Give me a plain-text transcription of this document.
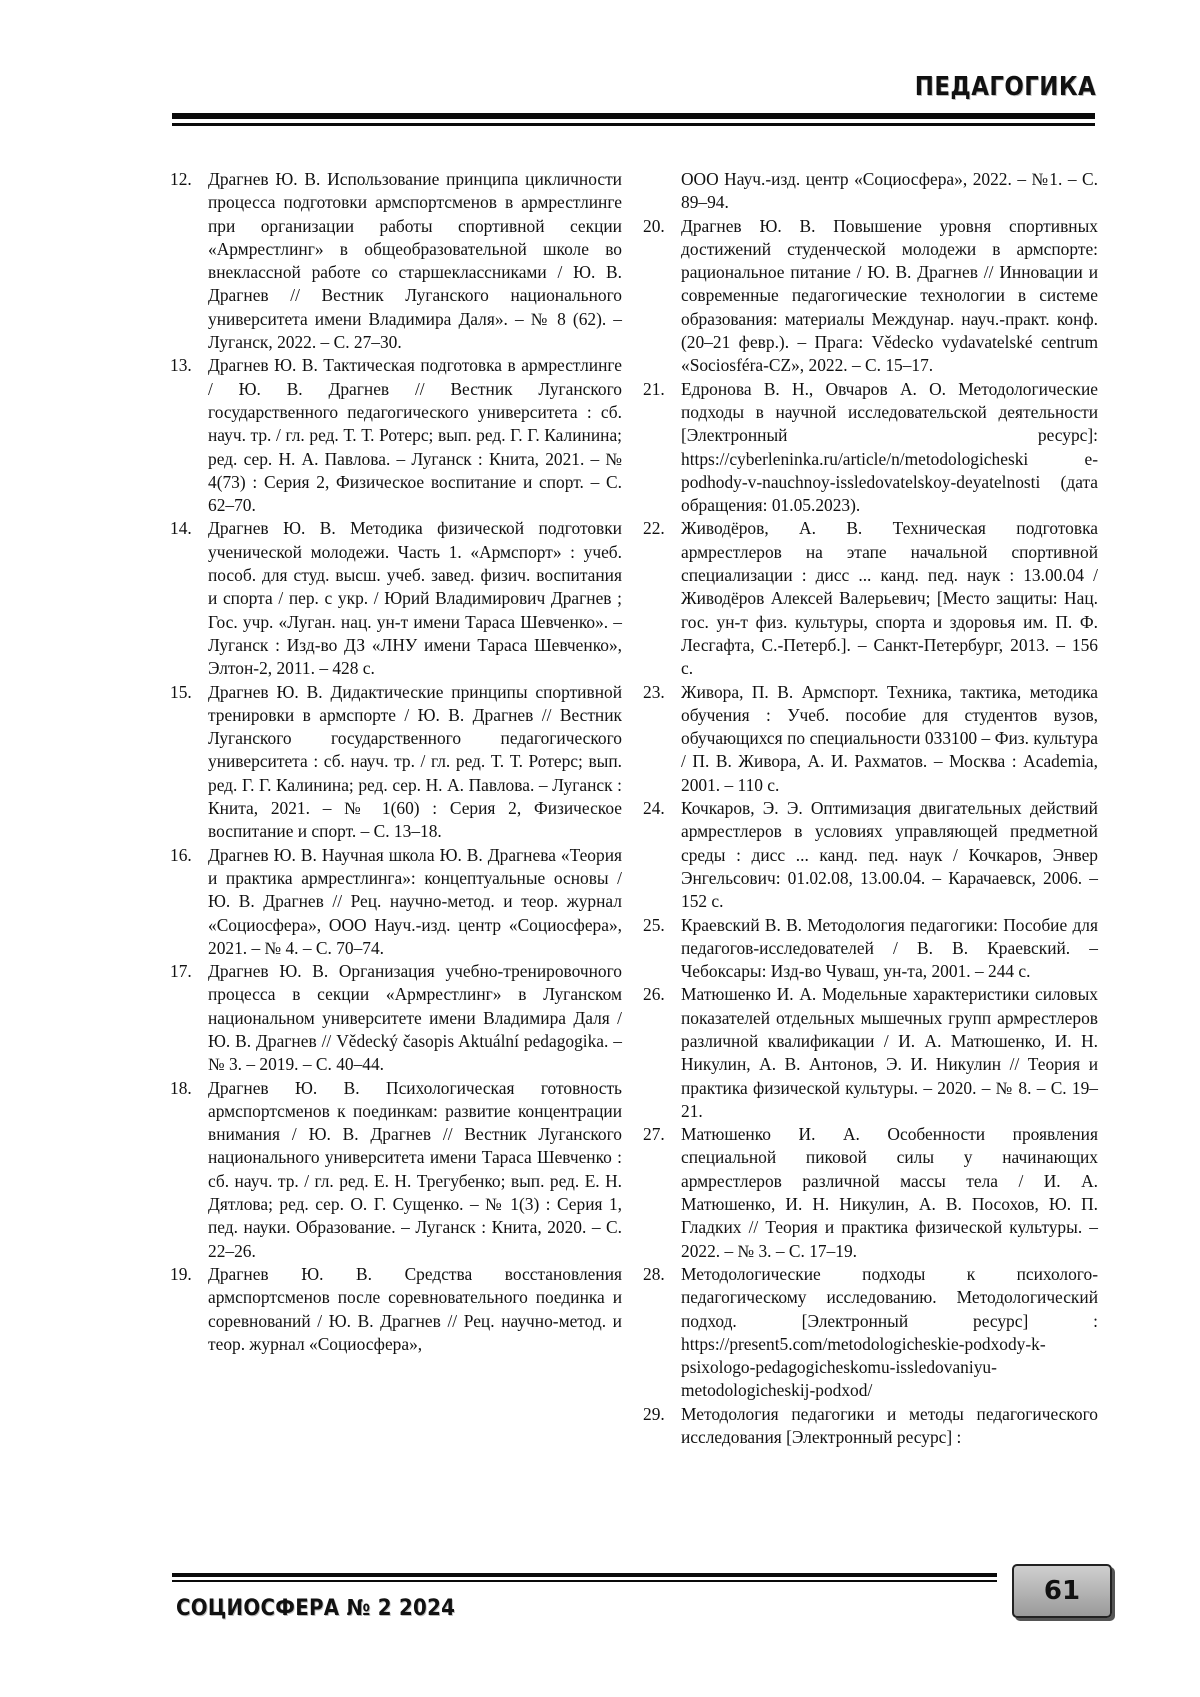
ПЕДАГОГИКА
12. Драгнев Ю. В. Использование принципа цикличности процесса подготовки армспортсменов в армрестлинге при организации работы спортивной секции «Армрестлинг» в общеобразовательной школе во внеклассной работе со старшеклассниками / Ю. В. Драгнев // Вестник Луганского национального университета имени Владимира Даля». – № 8 (62). – Луганск, 2022. – С. 27–30.
13. Драгнев Ю. В. Тактическая подготовка в армрестлинге / Ю. В. Драгнев // Вестник Луганского государственного педагогического университета : сб. науч. тр. / гл. ред. Т. Т. Ротерс; вып. ред. Г. Г. Калинина; ред. сер. Н. А. Павлова. – Луганск : Книта, 2021. – № 4(73) : Серия 2, Физическое воспитание и спорт. – С. 62–70.
14. Драгнев Ю. В. Методика физической подготовки ученической молодежи. Часть 1. «Армспорт» : учеб. пособ. для студ. высш. учеб. завед. физич. воспитания и спорта / пер. с укр. / Юрий Владимирович Драгнев ; Гос. учр. «Луган. нац. ун-т имени Тараса Шевченко». – Луганск : Изд-во ДЗ «ЛНУ имени Тараса Шевченко», Элтон-2, 2011. – 428 с.
15. Драгнев Ю. В. Дидактические принципы спортивной тренировки в армспорте / Ю. В. Драгнев // Вестник Луганского государственного педагогического университета : сб. науч. тр. / гл. ред. Т. Т. Ротерс; вып. ред. Г. Г. Калинина; ред. сер. Н. А. Павлова. – Луганск : Книта, 2021. – № 1(60) : Серия 2, Физическое воспитание и спорт. – С. 13–18.
16. Драгнев Ю. В. Научная школа Ю. В. Драгнева «Теория и практика армрестлинга»: концептуальные основы / Ю. В. Драгнев // Рец. научно-метод. и теор. журнал «Социосфера», ООО Науч.-изд. центр «Социосфера», 2021. – № 4. – С. 70–74.
17. Драгнев Ю. В. Организация учебно-тренировочного процесса в секции «Армрестлинг» в Луганском национальном университете имени Владимира Даля / Ю. В. Драгнев // Vědecký časopis Aktuální pedagogika. – № 3. – 2019. – С. 40–44.
18. Драгнев Ю. В. Психологическая готовность армспортсменов к поединкам: развитие концентрации внимания / Ю. В. Драгнев // Вестник Луганского национального университета имени Тараса Шевченко : сб. науч. тр. / гл. ред. Е. Н. Трегубенко; вып. ред. Е. Н. Дятлова; ред. сер. О. Г. Сущенко. – № 1(3) : Серия 1, пед. науки. Образование. – Луганск : Книта, 2020. – С. 22–26.
19. Драгнев Ю. В. Средства восстановления армспортсменов после соревновательного поединка и соревнований / Ю. В. Драгнев // Рец. научно-метод. и теор. журнал «Социосфера»,
ООО Науч.-изд. центр «Социосфера», 2022. – №1. – С. 89–94.
20. Драгнев Ю. В. Повышение уровня спортивных достижений студенческой молодежи в армспорте: рациональное питание / Ю. В. Драгнев // Инновации и современные педагогические технологии в системе образования: материалы Междунар. науч.-практ. конф. (20–21 февр.). – Прага: Vědecko vydavatelské centrum «Sociosféra-CZ», 2022. – С. 15–17.
21. Едронова В. Н., Овчаров А. О. Методологические подходы в научной исследовательской деятельности [Электронный ресурс]: https://cyberleninka.ru/article/n/metodologicheski e-podhody-v-nauchnoy-issledovatelskoy-deyatelnosti (дата обращения: 01.05.2023).
22. Живодёров, А. В. Техническая подготовка армрестлеров на этапе начальной спортивной специализации : дисс ... канд. пед. наук : 13.00.04 / Живодёров Алексей Валерьевич; [Место защиты: Нац. гос. ун-т физ. культуры, спорта и здоровья им. П. Ф. Лесгафта, С.-Петерб.]. – Санкт-Петербург, 2013. – 156 с.
23. Живора, П. В. Армспорт. Техника, тактика, методика обучения : Учеб. пособие для студентов вузов, обучающихся по специальности 033100 – Физ. культура / П. В. Живора, А. И. Рахматов. – Москва : Academia, 2001. – 110 с.
24. Кочкаров, Э. Э. Оптимизация двигательных действий армрестлеров в условиях управляющей предметной среды : дисс ... канд. пед. наук / Кочкаров, Энвер Энгельсович: 01.02.08, 13.00.04. – Карачаевск, 2006. – 152 с.
25. Краевский В. В. Методология педагогики: Пособие для педагогов-исследователей / В. В. Краевский. – Чебоксары: Изд-во Чуваш, ун-та, 2001. – 244 с.
26. Матюшенко И. А. Модельные характеристики силовых показателей отдельных мышечных групп армрестлеров различной квалификации / И. А. Матюшенко, И. Н. Никулин, А. В. Антонов, Э. И. Никулин // Теория и практика физической культуры. – 2020. – № 8. – С. 19–21.
27. Матюшенко И. А. Особенности проявления специальной пиковой силы у начинающих армрестлеров различной массы тела / И. А. Матюшенко, И. Н. Никулин, А. В. Посохов, Ю. П. Гладких // Теория и практика физической культуры. – 2022. – № 3. – С. 17–19.
28. Методологические подходы к психолого-педагогическому исследованию. Методологический подход. [Электронный ресурс] : https://present5.com/metodologicheskie-podxody-k-psixologo-pedagogicheskomu-issledovaniyu-metodologicheskij-podxod/
29. Методология педагогики и методы педагогического исследования [Электронный ресурс] :
СОЦИОСФЕРА № 2 2024
61
